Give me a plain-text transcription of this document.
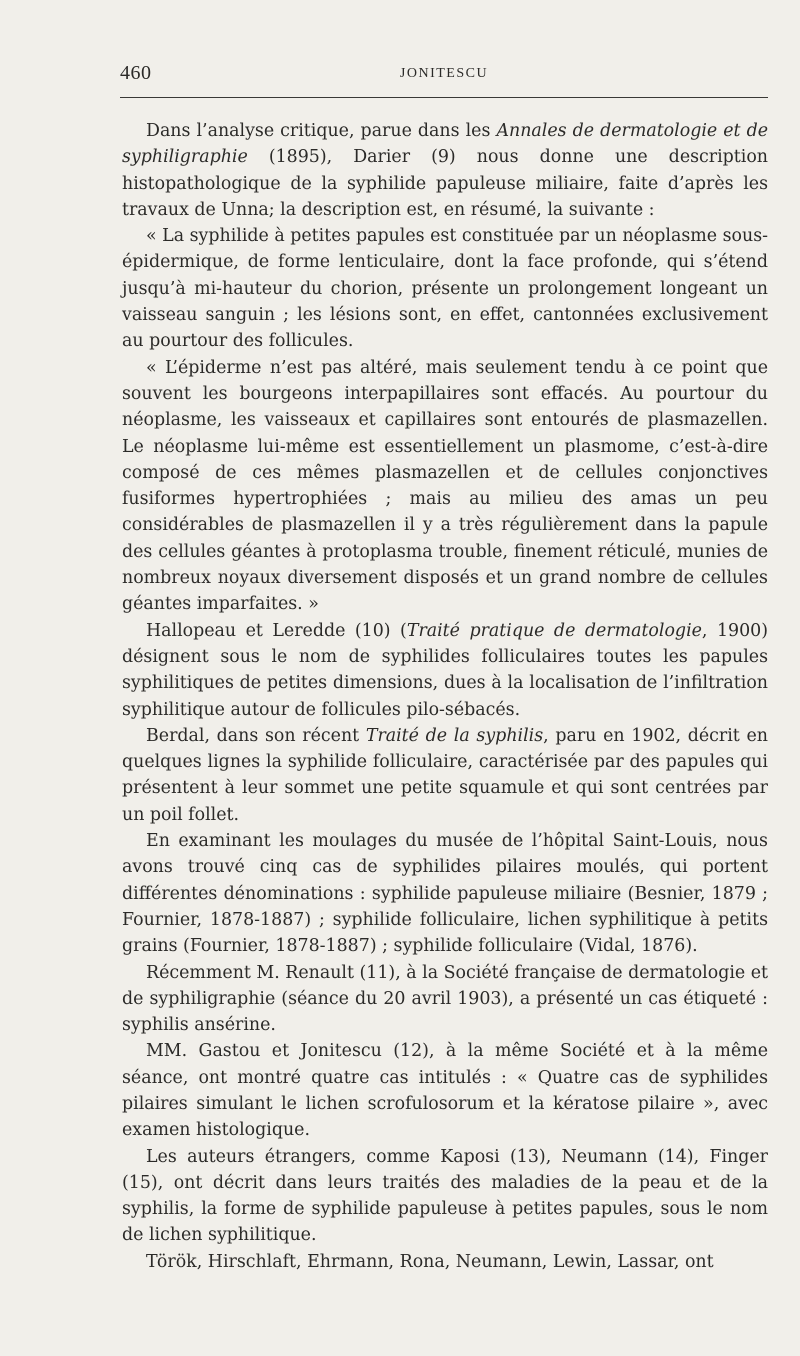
460	JONITESCU

Dans l’analyse critique, parue dans les Annales de dermatologie et de syphiligraphie (1895), Darier (9) nous donne une description histopathologique de la syphilide papuleuse miliaire, faite d’après les travaux de Unna; la description est, en résumé, la suivante :

« La syphilide à petites papules est constituée par un néoplasme sous-épidermique, de forme lenticulaire, dont la face profonde, qui s’étend jusqu’à mi-hauteur du chorion, présente un prolongement longeant un vaisseau sanguin ; les lésions sont, en effet, cantonnées exclusivement au pourtour des follicules.

« L’épiderme n’est pas altéré, mais seulement tendu à ce point que souvent les bourgeons interpapillaires sont effacés. Au pourtour du néoplasme, les vaisseaux et capillaires sont entourés de plasmazellen. Le néoplasme lui-même est essentiellement un plasmome, c’est-à-dire composé de ces mêmes plasmazellen et de cellules conjonctives fusiformes hypertrophiées ; mais au milieu des amas un peu considérables de plasmazellen il y a très régulièrement dans la papule des cellules géantes à protoplasma trouble, finement réticulé, munies de nombreux noyaux diversement disposés et un grand nombre de cellules géantes imparfaites. »

Hallopeau et Leredde (10) (Traité pratique de dermatologie, 1900) désignent sous le nom de syphilides folliculaires toutes les papules syphilitiques de petites dimensions, dues à la localisation de l’infiltration syphilitique autour de follicules pilo-sébacés.

Berdal, dans son récent Traité de la syphilis, paru en 1902, décrit en quelques lignes la syphilide folliculaire, caractérisée par des papules qui présentent à leur sommet une petite squamule et qui sont centrées par un poil follet.

En examinant les moulages du musée de l’hôpital Saint-Louis, nous avons trouvé cinq cas de syphilides pilaires moulés, qui portent différentes dénominations : syphilide papuleuse miliaire (Besnier, 1879 ; Fournier, 1878-1887) ; syphilide folliculaire, lichen syphilitique à petits grains (Fournier, 1878-1887) ; syphilide folliculaire (Vidal, 1876).

Récemment M. Renault (11), à la Société française de dermatologie et de syphiligraphie (séance du 20 avril 1903), a présenté un cas étiqueté : syphilis ansérine.

MM. Gastou et Jonitescu (12), à la même Société et à la même séance, ont montré quatre cas intitulés : « Quatre cas de syphilides pilaires simulant le lichen scrofulosorum et la kératose pilaire », avec examen histologique.

Les auteurs étrangers, comme Kaposi (13), Neumann (14), Finger (15), ont décrit dans leurs traités des maladies de la peau et de la syphilis, la forme de syphilide papuleuse à petites papules, sous le nom de lichen syphilitique.

Török, Hirschlaft, Ehrmann, Rona, Neumann, Lewin, Lassar, ont
